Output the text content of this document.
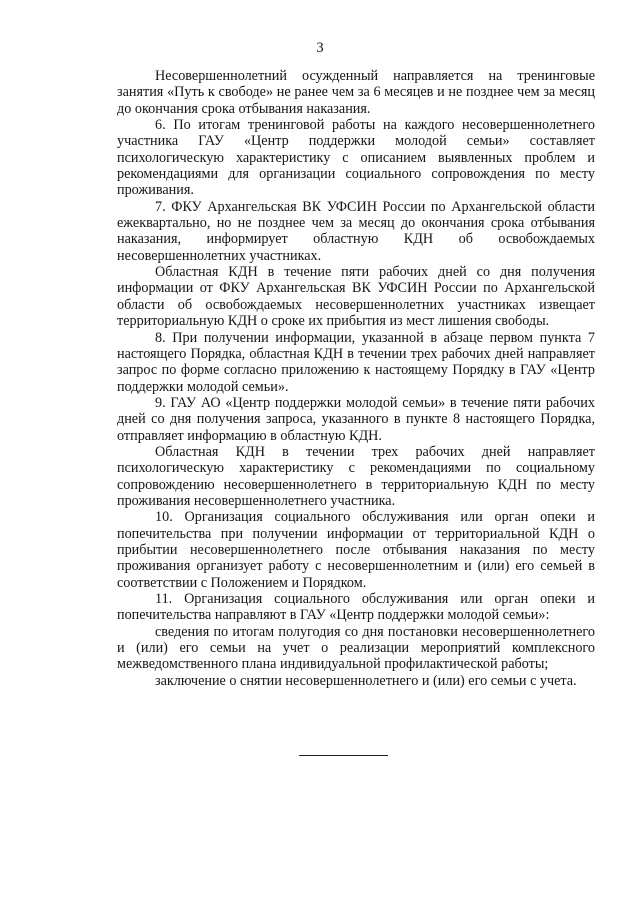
3

Несовершеннолетний осужденный направляется на тренинговые занятия «Путь к свободе» не ранее чем за 6 месяцев и не позднее чем за месяц до окончания срока отбывания наказания.

6. По итогам тренинговой работы на каждого несовершеннолетнего участника ГАУ «Центр поддержки молодой семьи» составляет психологическую характеристику с описанием выявленных проблем и рекомендациями для организации социального сопровождения по месту проживания.

7. ФКУ Архангельская ВК УФСИН России по Архангельской области ежеквартально, но не позднее чем за месяц до окончания срока отбывания наказания, информирует областную КДН об освобождаемых несовершеннолетних участниках.

Областная КДН в течение пяти рабочих дней со дня получения информации от ФКУ Архангельская ВК УФСИН России по Архангельской области об освобождаемых несовершеннолетних участниках извещает территориальную КДН о сроке их прибытия из мест лишения свободы.

8. При получении информации, указанной в абзаце первом пункта 7 настоящего Порядка, областная КДН в течении трех рабочих дней направляет запрос по форме согласно приложению к настоящему Порядку в ГАУ «Центр поддержки молодой семьи».

9. ГАУ АО «Центр поддержки молодой семьи» в течение пяти рабочих дней со дня получения запроса, указанного в пункте 8 настоящего Порядка, отправляет информацию в областную КДН.

Областная КДН в течении трех рабочих дней направляет психологическую характеристику с рекомендациями по социальному сопровождению несовершеннолетнего в территориальную КДН по месту проживания несовершеннолетнего участника.

10. Организация социального обслуживания или орган опеки и попечительства при получении информации от территориальной КДН о прибытии несовершеннолетнего после отбывания наказания по месту проживания организует работу с несовершеннолетним и (или) его семьей в соответствии с Положением и Порядком.

11. Организация социального обслуживания или орган опеки и попечительства направляют в ГАУ «Центр поддержки молодой семьи»:

сведения по итогам полугодия со дня постановки несовершеннолетнего и (или) его семьи на учет о реализации мероприятий комплексного межведомственного плана индивидуальной профилактической работы;

заключение о снятии несовершеннолетнего и (или) его семьи с учета.
